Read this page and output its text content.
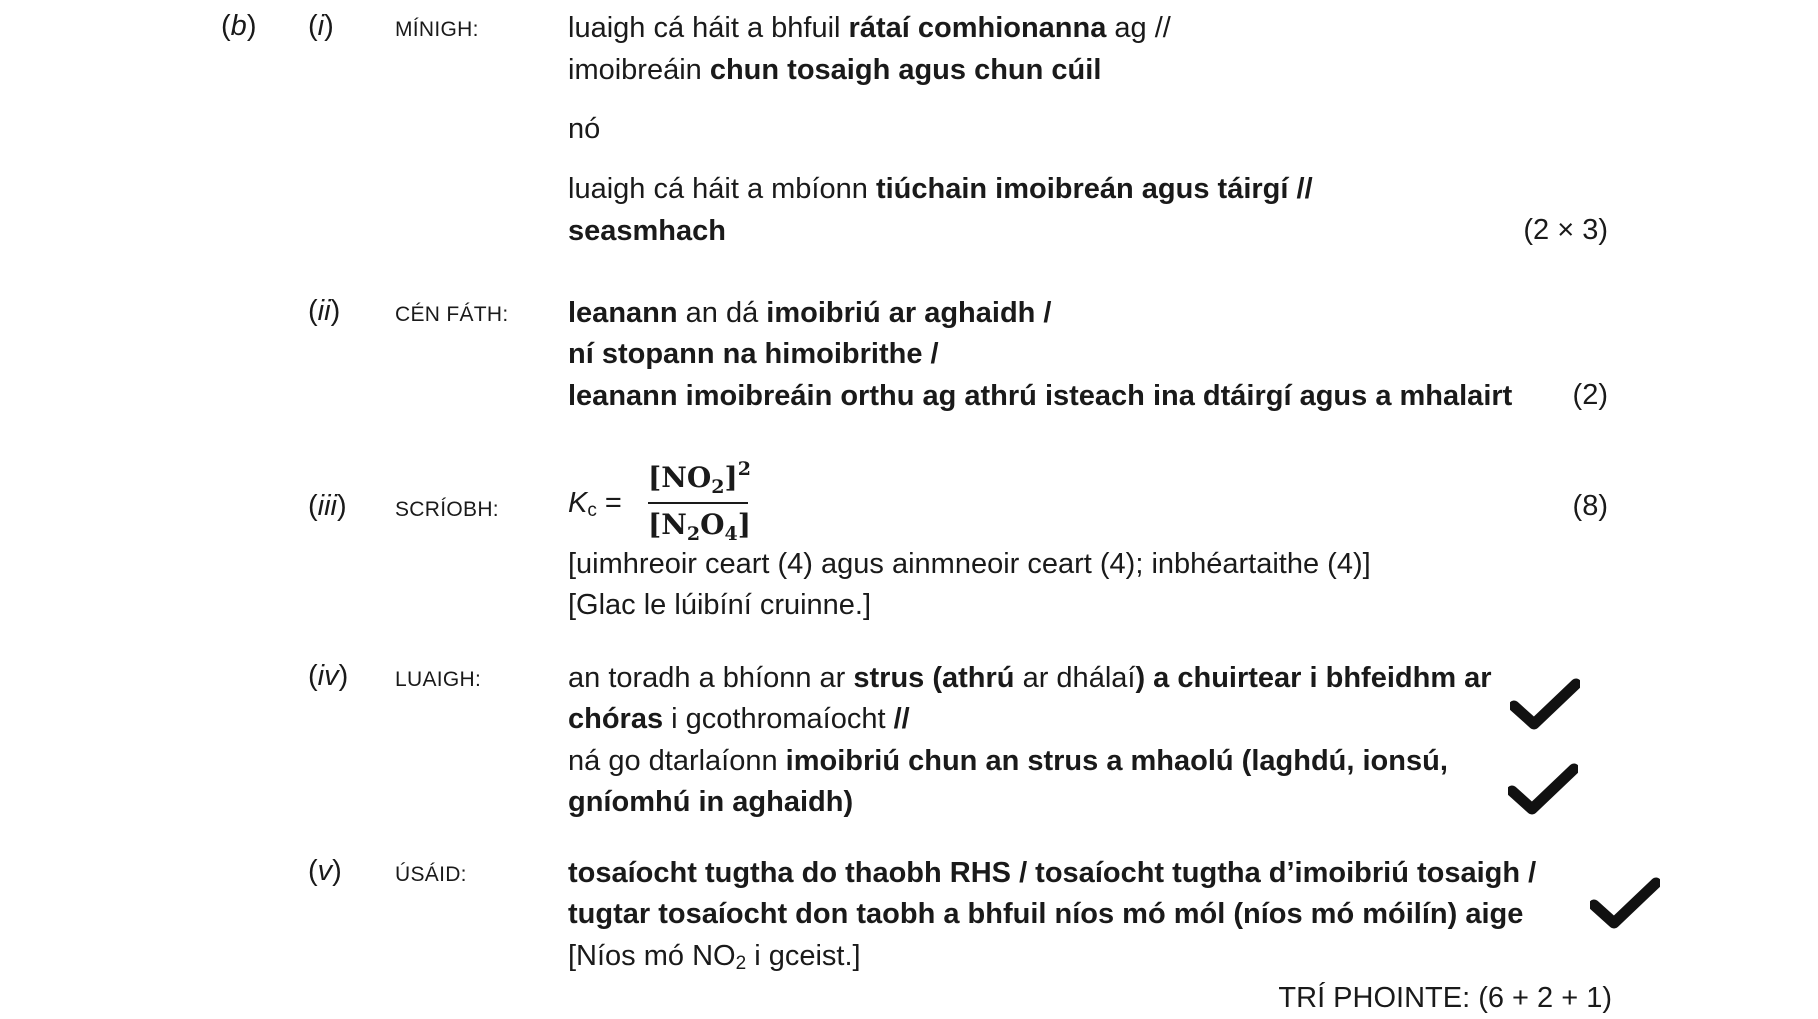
(b) (i)	MÍNIGH:	luaigh cá háit a bhfuil rátaí comhionanna ag //
imoibreáin chun tosaigh agus chun cúil
nó
luaigh cá háit a mbíonn tiúchain imoibreán agus táirgí //
seasmhach	(2 × 3)
(ii)	CÉN FÁTH: leanann an dá imoibriú ar aghaidh /
ní stopann na himoibrithe /
leanann imoibreáin orthu ag athrú isteach ina dtáirgí agus a mhalairt (2)
(iii) SCRÍOBH: $K_c$ =
$[NO_2]^2$
$[N_2O_4]$
(8)
[uimhreoir ceart (4) agus ainmneoir ceart (4); inbhéartaithe (4)]
[Glac le lúibíní cruinne.]
(iv) LUAIGH:	an toradh a bhíonn ar strus (athrú ar dhálaí) a chuirtear i bhfeidhm ar
chóras i gcothromaíocht //
ná go dtarlaíonn imoibriú chun an strus a mhaolú (laghdú, ionsú,
gníomhú in aghaidh)
(v)	ÚSÁID:	tosaíocht tugtha do thaobh RHS / tosaíocht tugtha d’imoibriú tosaigh /
tugtar tosaíocht don taobh a bhfuil níos mó mól (níos mó móilín) aige
[Níos mó $NO_2$ i gceist.]
TRÍ PHOINTE: (6 + 2 + 1)
